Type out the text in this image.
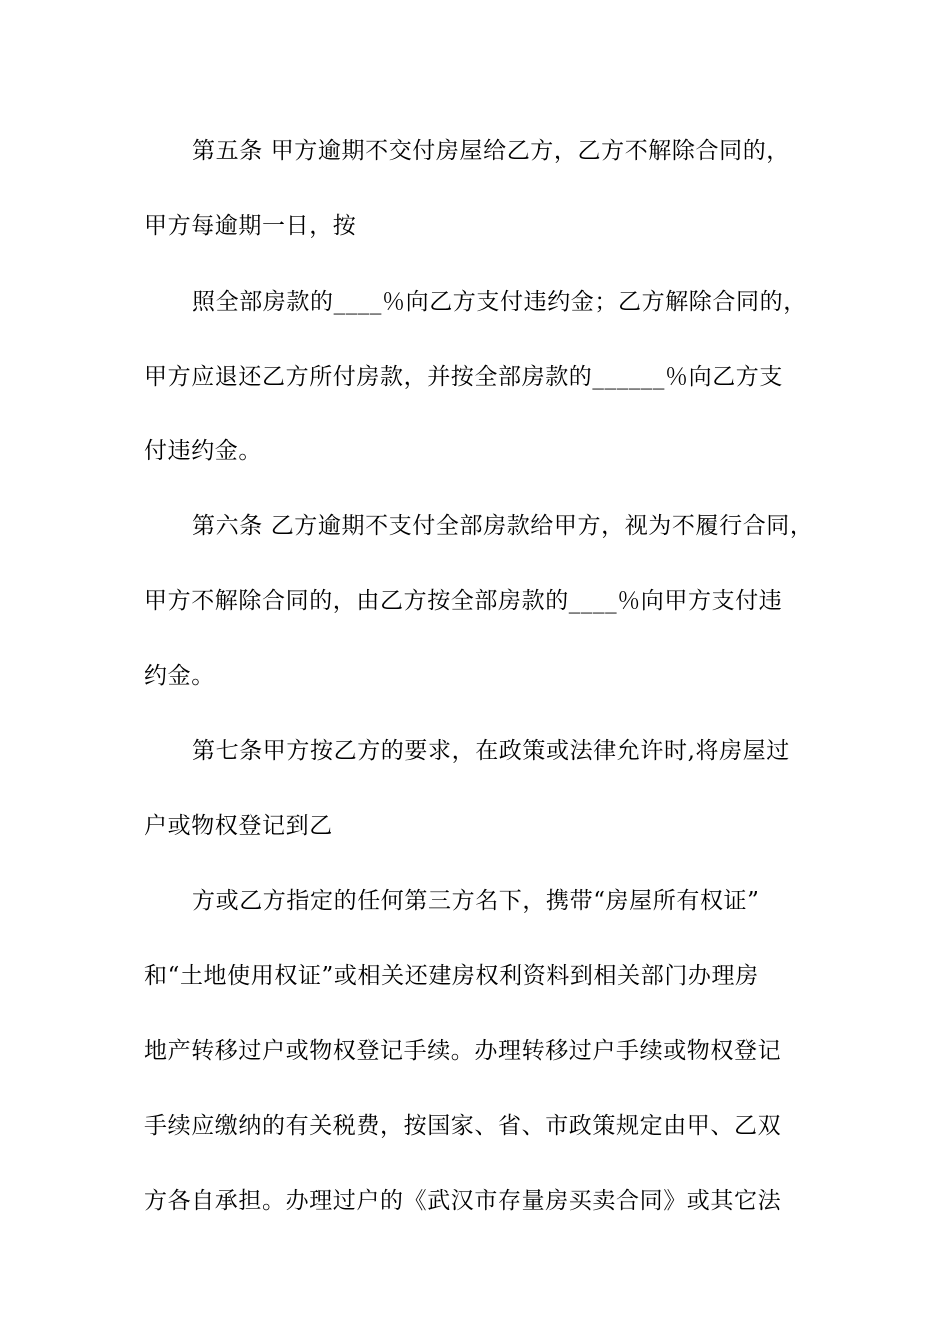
第五条 甲方逾期不交付房屋给乙方，乙方不解除合同的，
甲方每逾期一日，按
照全部房款的____％向乙方支付违约金；乙方解除合同的，
甲方应退还乙方所付房款，并按全部房款的______％向乙方支
付违约金。
第六条 乙方逾期不支付全部房款给甲方，视为不履行合同，
甲方不解除合同的，由乙方按全部房款的____％向甲方支付违
约金。
第七条甲方按乙方的要求，在政策或法律允许时,将房屋过
户或物权登记到乙
方或乙方指定的任何第三方名下，携带“房屋所有权证”
和“土地使用权证”或相关还建房权利资料到相关部门办理房
地产转移过户或物权登记手续。办理转移过户手续或物权登记
手续应缴纳的有关税费，按国家、省、市政策规定由甲、乙双
方各自承担。办理过户的《武汉市存量房买卖合同》或其它法
